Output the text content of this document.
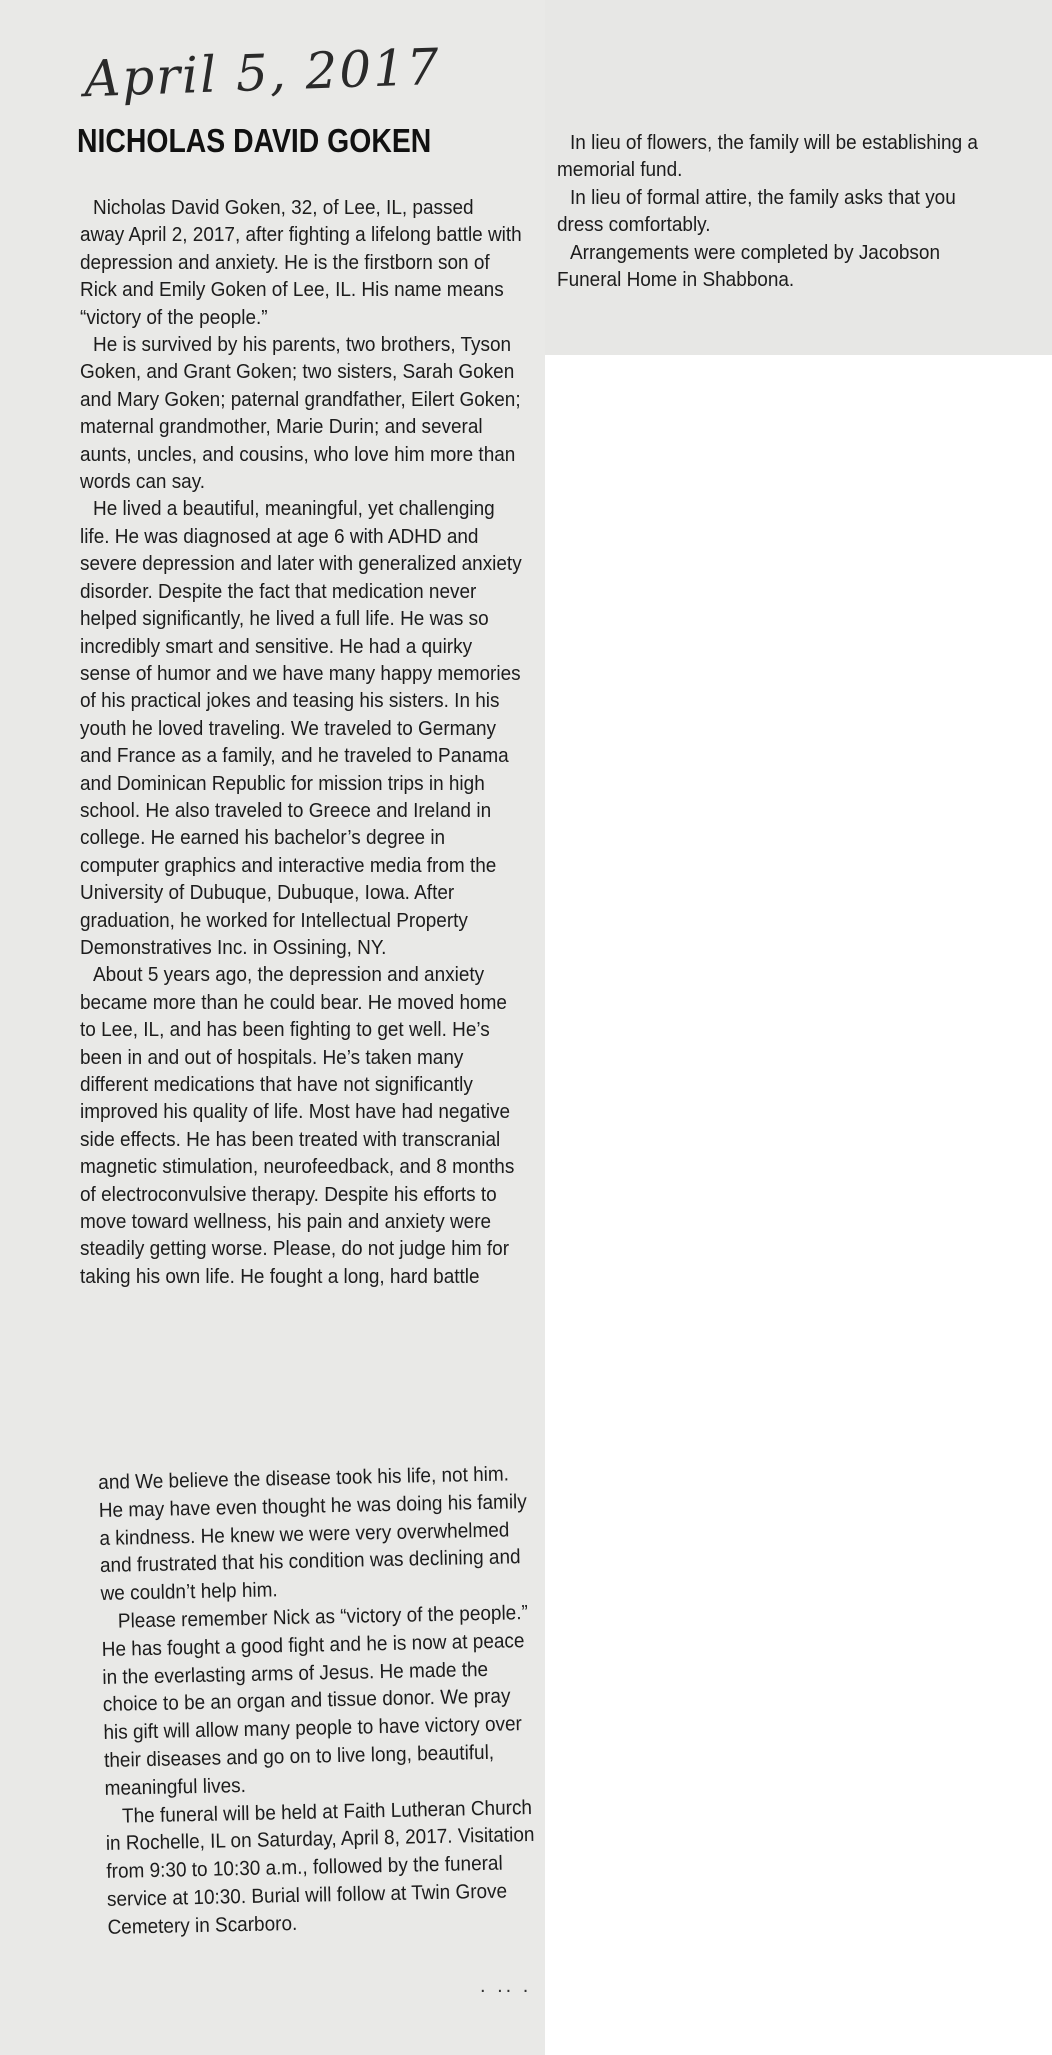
April 5, 2017
NICHOLAS DAVID GOKEN

Nicholas David Goken, 32, of Lee, IL, passed away April 2, 2017, after fighting a lifelong battle with depression and anxiety. He is the firstborn son of Rick and Emily Goken of Lee, IL. His name means “victory of the people.”

He is survived by his parents, two brothers, Tyson Goken, and Grant Goken; two sisters, Sarah Goken and Mary Goken; paternal grandfather, Eilert Goken; maternal grandmother, Marie Durin; and several aunts, uncles, and cousins, who love him more than words can say.

He lived a beautiful, meaningful, yet challenging life. He was diagnosed at age 6 with ADHD and severe depression and later with generalized anxiety disorder. Despite the fact that medication never helped significantly, he lived a full life. He was so incredibly smart and sensitive. He had a quirky sense of humor and we have many happy memories of his practical jokes and teasing his sisters. In his youth he loved traveling. We traveled to Germany and France as a family, and he traveled to Panama and Dominican Republic for mission trips in high school. He also traveled to Greece and Ireland in college. He earned his bachelor’s degree in computer graphics and interactive media from the University of Dubuque, Dubuque, Iowa. After graduation, he worked for Intellectual Property Demonstratives Inc. in Ossining, NY.

About 5 years ago, the depression and anxiety became more than he could bear. He moved home to Lee, IL, and has been fighting to get well. He’s been in and out of hospitals. He’s taken many different medications that have not significantly improved his quality of life. Most have had negative side effects. He has been treated with transcranial magnetic stimulation, neurofeedback, and 8 months of electroconvulsive therapy. Despite his efforts to move toward wellness, his pain and anxiety were steadily getting worse. Please, do not judge him for taking his own life. He fought a long, hard battle

and We believe the disease took his life, not him. He may have even thought he was doing his family a kindness. He knew we were very overwhelmed and frustrated that his condition was declining and we couldn’t help him.

Please remember Nick as “victory of the people.” He has fought a good fight and he is now at peace in the everlasting arms of Jesus. He made the choice to be an organ and tissue donor. We pray his gift will allow many people to have victory over their diseases and go on to live long, beautiful, meaningful lives.

The funeral will be held at Faith Lutheran Church in Rochelle, IL on Saturday, April 8, 2017. Visitation from 9:30 to 10:30 a.m., followed by the funeral service at 10:30. Burial will follow at Twin Grove Cemetery in Scarboro.

In lieu of flowers, the family will be establishing a memorial fund.

In lieu of formal attire, the family asks that you dress comfortably.

Arrangements were completed by Jacobson Funeral Home in Shabbona.

. .. .
